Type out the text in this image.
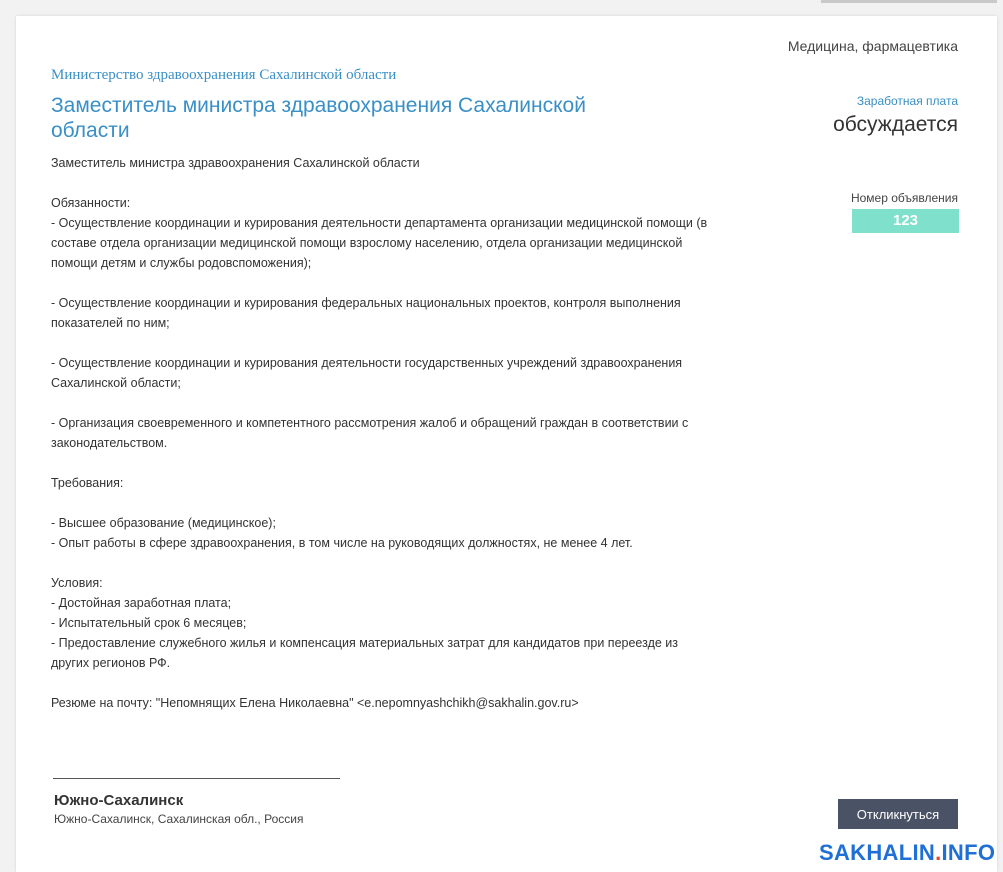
Медицина, фармацевтика
Министерство здравоохранения Сахалинской области
Заместитель министра здравоохранения Сахалинской области
Заместитель министра здравоохранения Сахалинской области

Обязанности:
- Осуществление координации и курирования деятельности департамента организации медицинской помощи (в составе отдела организации медицинской помощи взрослому населению, отдела организации медицинской помощи детям и службы родовспоможения);

- Осуществление координации и курирования федеральных национальных проектов, контроля выполнения показателей по ним;

- Осуществление координации и курирования деятельности государственных учреждений здравоохранения Сахалинской области;

- Организация своевременного и компетентного рассмотрения жалоб и обращений граждан в соответствии с законодательством.

Требования:

- Высшее образование (медицинское);
- Опыт работы в сфере здравоохранения, в том числе на руководящих должностях, не менее 4 лет.

Условия:
- Достойная заработная плата;
- Испытательный срок 6 месяцев;
- Предоставление служебного жилья и компенсация материальных затрат для кандидатов при переезде из других регионов РФ.

Резюме на почту: "Непомнящих Елена Николаевна" <e.nepomnyashchikh@sakhalin.gov.ru>
Заработная плата
обсуждается
Номер объявления
123
Южно-Сахалинск
Южно-Сахалинск, Сахалинская обл., Россия	Откликнуться
SAKHALIN.INFO
